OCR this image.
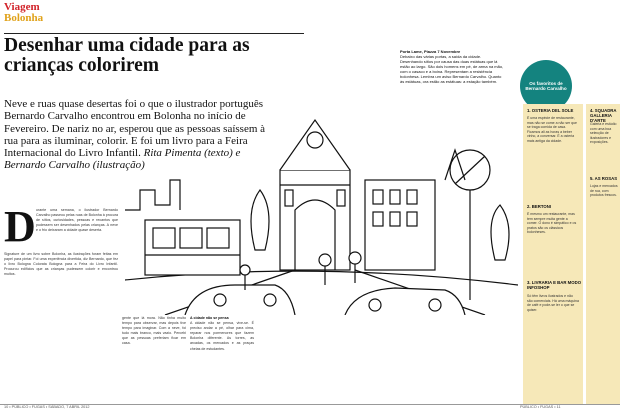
Viagem
Bolonha
Desenhar uma cidade para as crianças colorirem
Neve e ruas quase desertas foi o que o ilustrador português Bernardo Carvalho encontrou em Bolonha no início de Fevereiro. De nariz no ar, esperou que as pessoas saíssem à rua para as iluminar, colorir. E foi um livro para a Feira Internacional do Livro Infantil. Rita Pimenta (texto) e Bernardo Carvalho (ilustração)
Porta Lame, Piazza 7 Novembre
Debaixo das várias portas, a saída da cidade. Desenhando sítios por causa das duas estátuas que lá estão ao largo. São dois homens em pé, de arma na mão, com o casaco e a boina. Representam a resistência bolonhesa. Lembra um aviso Bernardo Carvalho. Quanto às estátuas, ora estão as estátuas: a estação também.	Os favoritos de Bernardo Carvalho
D urante uma semana, o ilustrador Bernardo Carvalho passeou pelas ruas de Bolonha à procura de sítios, curiosidades, pessoas e recantos que pudessem ser desenhados pelas crianças. A neve e o frio deixaram a cidade quase deserta.
Signature de um livro sobre Bolonha, as ilustrações foram feitas em papel para pintar. Foi uma experiência divertida, diz Bernardo, que fez o livro Bologna Colorata Bologna para a Feira do Livro Infantil. Procurou edifícios que as crianças pudessem colorir e encontrou muitos.
gente que lá mora. Não tinha muito tempo para observar, mas depois tive tempo para imaginar. Com a neve, foi tudo mais branco, mais vazio. Percebi que as pessoas preferiam ficar em casa.
A cidade não se pensa
A cidade não se pensa, vive-se. É preciso andar a pé, olhar para cima, reparar nos pormenores que fazem Bolonha diferente. As torres, as arcadas, os mercados e as praças cheias de estudantes.
1. OSTERIA DEL SOLE
É uma espécie de restaurante, mas não se come a não ser que se traga comida de casa. Ficamos ali as horas a beber vinho, a conversar. É a osteria mais antiga da cidade.
2. BERTONI
É mesmo um restaurante, mas tem sempre muita gente a comer. O dono é simpático e os pratos são os clássicos bolonheses.
3. LIVRARIA E BAR MODO INFOSHOP
Só têm livros ilustrados e não são comerciais. Há uma máquina de café e pode-se ler o que se quiser.
4. SQUADRA GALLERIA D'ARTE
Galeria e estúdio com uma boa selecção de ilustradores e exposições.
5. AS ROSAS
Lojas e mercados de rua, com produtos frescos.
10 • PÚBLICO • FUGAS • SÁBADO, 7 ABRIL 2012	PÚBLICO • FUGAS • 11
